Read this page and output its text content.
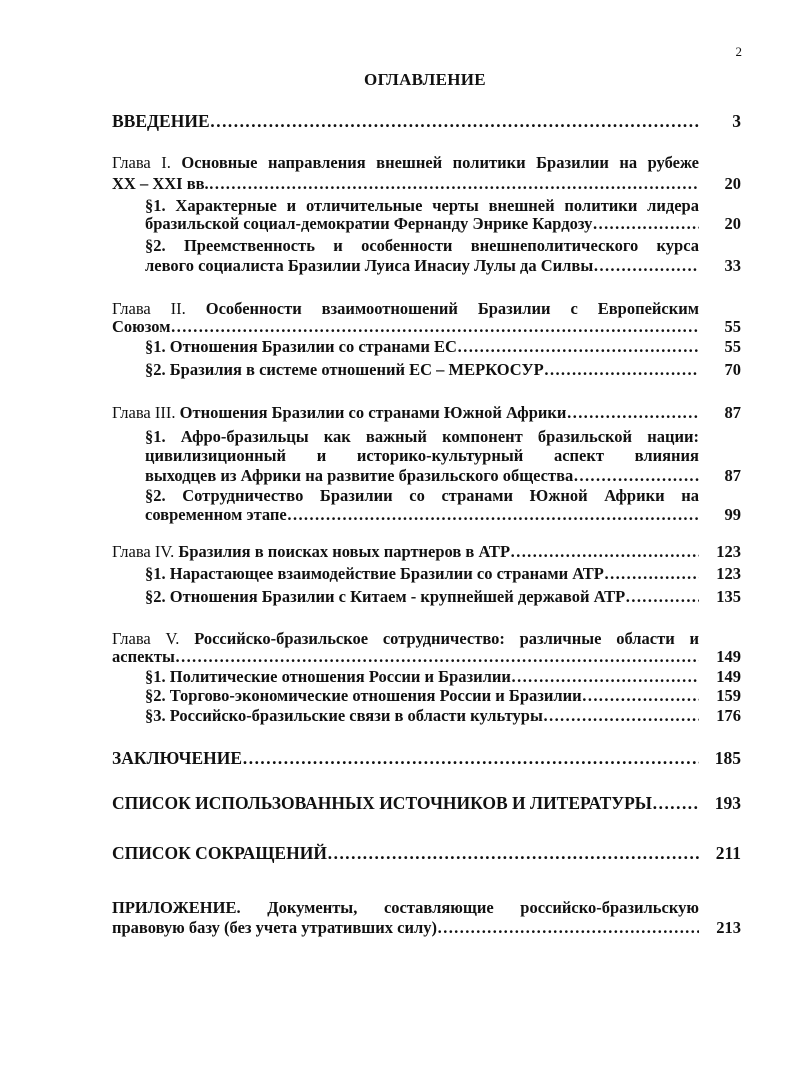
2
ОГЛАВЛЕНИЕ
ВВЕДЕНИЕ ……………………………………………………………………………………………………………………………………………	3
Глава I. Основные направления внешней политики Бразилии на рубеже
XX – XXI вв. ……………………………………………………………………………………………………………………………………………	20
§1. Характерные и отличительные черты внешней политики лидера
бразильской социал-демократии Фернанду Энрике Кардозу ……………………………………………………………………………………………………………………………………………	20
§2. Преемственность и особенности внешнеполитического курса
левого социалиста Бразилии Луиса Инасиу Лулы да Силвы ……………………………………………………………………………………………………………………………………………	33
Глава II. Особенности взаимоотношений Бразилии с Европейским
Союзом ……………………………………………………………………………………………………………………………………………	55
§1. Отношения Бразилии со странами ЕС ……………………………………………………………………………………………………………………………………………	55
§2. Бразилия в системе отношений ЕС – МЕРКОСУР ……………………………………………………………………………………………………………………………………………	70
Глава III. Отношения Бразилии со странами Южной Африки ……………………………………………………………………………………………………………………………………………	87
§1. Афро-бразильцы как важный компонент бразильской нации:
цивилизиционный и историко-культурный аспект влияния
выходцев из Африки на развитие бразильского общества ……………………………………………………………………………………………………………………………………………	87
§2. Сотрудничество Бразилии со странами Южной Африки на
современном этапе ……………………………………………………………………………………………………………………………………………	99
Глава IV. Бразилия в поисках новых партнеров в АТР ……………………………………………………………………………………………………………………………………………	123
§1. Нарастающее взаимодействие Бразилии со странами АТР ……………………………………………………………………………………………………………………………………………	123
§2. Отношения Бразилии с Китаем - крупнейшей державой АТР ……………………………………………………………………………………………………………………………………………	135
Глава V. Российско-бразильское сотрудничество: различные области и
аспекты ……………………………………………………………………………………………………………………………………………	149
§1. Политические отношения России и Бразилии ……………………………………………………………………………………………………………………………………………	149
§2. Торгово-экономические отношения России и Бразилии ……………………………………………………………………………………………………………………………………………	159
§3. Российско-бразильские связи в области культуры ……………………………………………………………………………………………………………………………………………	176
ЗАКЛЮЧЕНИЕ ……………………………………………………………………………………………………………………………………………	185
СПИСОК ИСПОЛЬЗОВАННЫХ ИСТОЧНИКОВ И ЛИТЕРАТУРЫ ……………………………………………………………………………………………………………………………………………	193
СПИСОК СОКРАЩЕНИЙ ……………………………………………………………………………………………………………………………………………	211
ПРИЛОЖЕНИЕ. Документы, составляющие российско-бразильскую
правовую базу (без учета утративших силу) ……………………………………………………………………………………………………………………………………………	213
